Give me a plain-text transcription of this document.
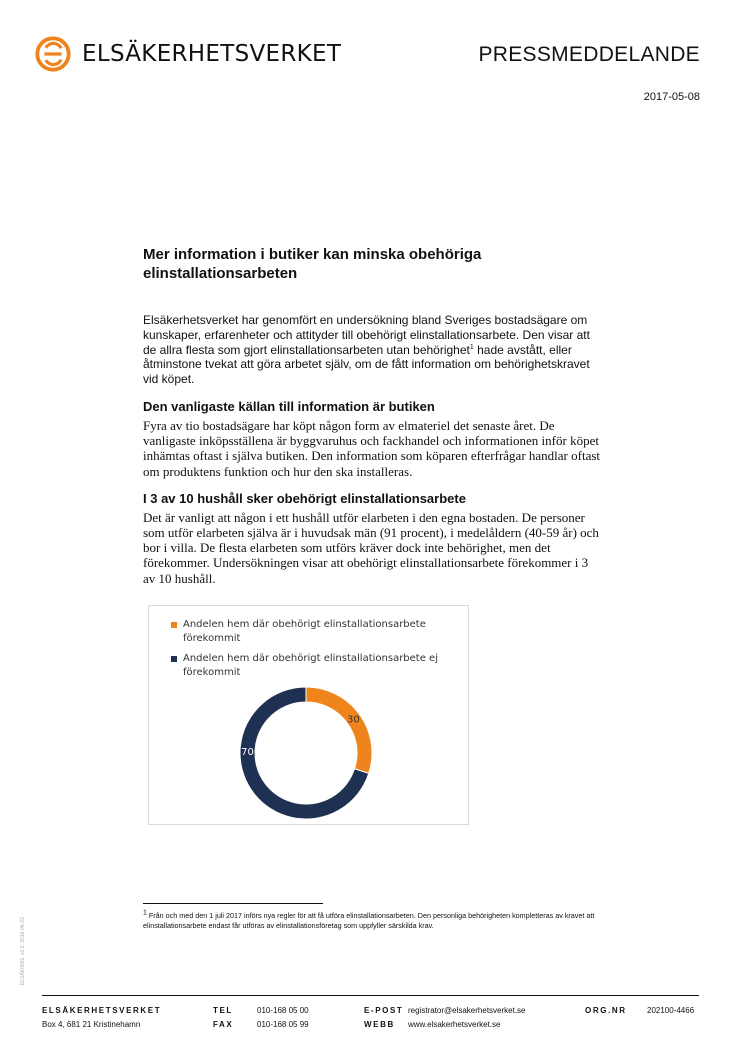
ELSÄKERHETSVERKET	PRESSMEDDELANDE
2017-05-08
Mer information i butiker kan minska obehöriga
elinstallationsarbeten

Elsäkerhetsverket har genomfört en undersökning bland Sveriges bostadsägare om kunskaper, erfarenheter och attityder till obehörigt elinstallationsarbete. Den visar att de allra flesta som gjort elinstallationsarbeten utan behörighet$^1$ hade avstått, eller åtminstone tvekat att göra arbetet själv, om de fått information om behörighetskravet vid köpet.

Den vanligaste källan till information är butiken

Fyra av tio bostadsägare har köpt någon form av elmateriel det senaste året. De vanligaste inköpsställena är byggvaruhus och fackhandel och informationen inför köpet inhämtas oftast i själva butiken. Den information som köparen efterfrågar handlar oftast om produktens funktion och hur den ska installeras.

I 3 av 10 hushåll sker obehörigt elinstallationsarbete

Det är vanligt att någon i ett hushåll utför elarbeten i den egna bostaden. De personer som utför elarbeten själva är i huvudsak män (91 procent), i medelåldern (40-59 år) och bor i villa. De flesta elarbeten som utförs kräver dock inte behörighet, men det förekommer. Undersökningen visar att obehörigt elinstallationsarbete förekommer i 3 av 10 hushåll.

Andelen hem där obehörigt elinstallationsarbete förekommit
Andelen hem där obehörigt elinstallationsarbete ej förekommit
30
70

$^1$ Från och med den 1 juli 2017 införs nya regler för att få utföra elinstallationsarbeten. Den personliga behörigheten kompletteras av kravet att elinstallationsarbete endast får utföras av elinstallationsföretag som uppfyller särskilda krav.

ELSÄK0001, v2.0, 2016-09-23
ELSÄKERHETSVERKET
Box 4, 681 21 Kristinehamn
TEL
FAX
010-168 05 00
010-168 05 99
E-POST
WEBB
registrator@elsakerhetsverket.se
www.elsakerhetsverket.se
ORG.NR	202100-4466
